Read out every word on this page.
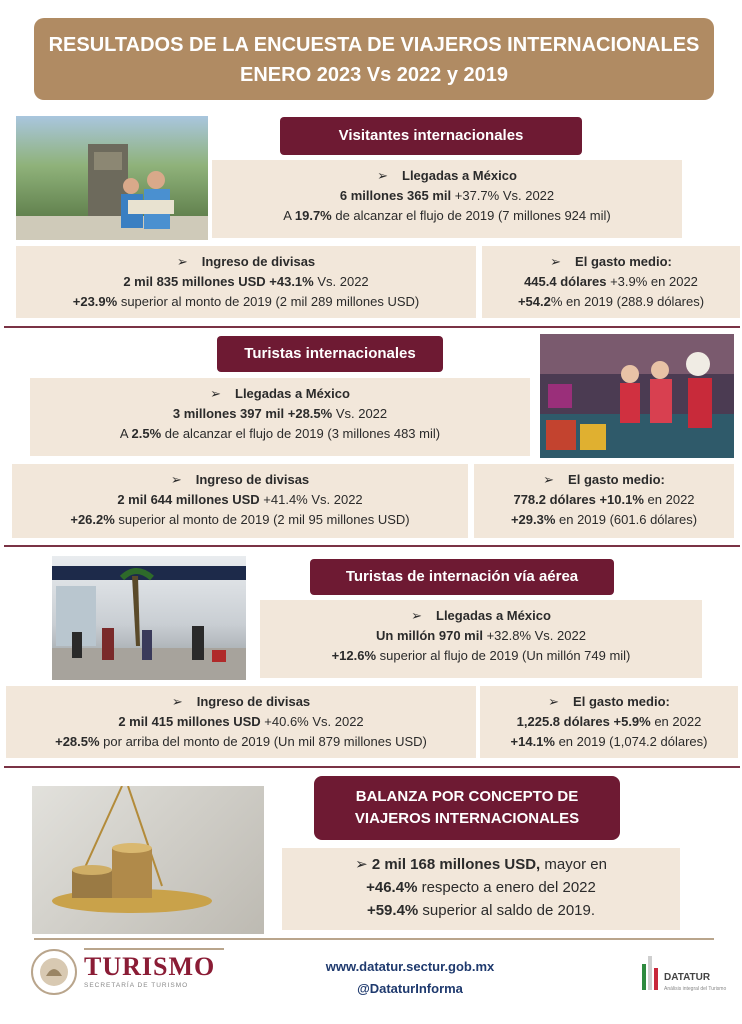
RESULTADOS DE LA ENCUESTA DE VIAJEROS INTERNACIONALES
ENERO 2023 Vs 2022 y 2019
Visitantes internacionales
➢ Llegadas a México
6 millones 365 mil +37.7% Vs. 2022
A 19.7% de alcanzar el flujo de 2019 (7 millones 924 mil)
➢ Ingreso de divisas
2 mil 835 millones USD +43.1% Vs. 2022
+23.9% superior al monto de 2019 (2 mil 289 millones USD)
➢ El gasto medio:
445.4 dólares +3.9% en 2022
+54.2% en 2019 (288.9 dólares)
Turistas internacionales
➢ Llegadas a México
3 millones 397 mil +28.5% Vs. 2022
A 2.5% de alcanzar el flujo de 2019 (3 millones 483 mil)
➢ Ingreso de divisas
2 mil 644 millones USD +41.4% Vs. 2022
+26.2% superior al monto de 2019 (2 mil 95 millones USD)
➢ El gasto medio:
778.2 dólares +10.1% en 2022
+29.3% en 2019 (601.6 dólares)
Turistas de internación vía aérea
➢ Llegadas a México
Un millón 970 mil +32.8% Vs. 2022
+12.6% superior al flujo de 2019 (Un millón 749 mil)
➢ Ingreso de divisas
2 mil 415 millones USD +40.6% Vs. 2022
+28.5% por arriba del monto de 2019 (Un mil 879 millones USD)
➢ El gasto medio:
1,225.8 dólares +5.9% en 2022
+14.1% en 2019 (1,074.2 dólares)
BALANZA POR CONCEPTO DE
VIAJEROS INTERNACIONALES
➢ 2 mil 168 millones USD, mayor en
+46.4% respecto a enero del 2022
+59.4% superior al saldo de 2019.
TURISMO
SECRETARÍA DE TURISMO
www.datatur.sectur.gob.mx
@DataturInforma
DATATUR
Análisis integral del Turismo
